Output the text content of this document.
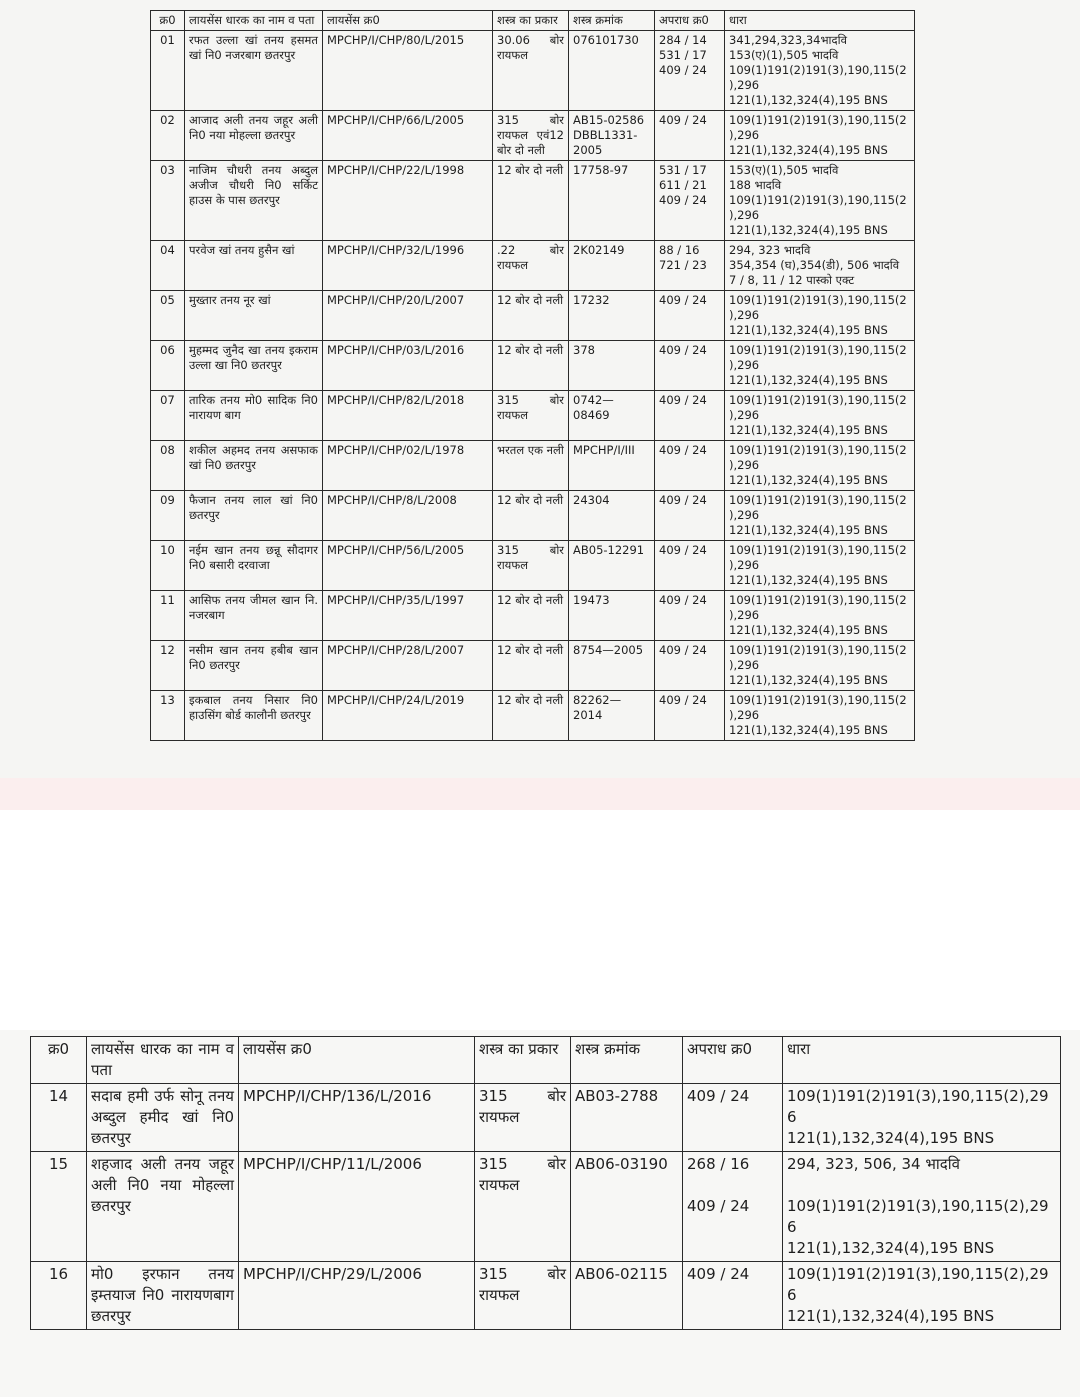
क्र0	लायसेंस धारक का नाम व पता	लायसेंस क्र0	शस्त्र का प्रकार	शस्त्र क्रमांक	अपराध क्र0	धारा
01	रफत उल्ला खां तनय हसमत खां नि0 नजरबाग छतरपुर	MPCHP/I/CHP/80/L/2015	30.06 बोर रायफल	076101730	284 / 14
531 / 17
409 / 24	341,294,323,34भादवि
153(ए)(1),505 भादवि
109(1)191(2)191(3),190,115(2),296
121(1),132,324(4),195 BNS
02	आजाद अली तनय जहूर अली नि0 नया मोहल्ला छतरपुर	MPCHP/I/CHP/66/L/2005	315 बोर रायफल एवं12 बोर दो नली	AB15-02586 DBBL1331-2005	409 / 24	109(1)191(2)191(3),190,115(2),296
121(1),132,324(4),195 BNS
03	नाजिम चौधरी तनय अब्दुल अजीज चौधरी नि0 सर्किट हाउस के पास छतरपुर	MPCHP/I/CHP/22/L/1998	12 बोर दो नली	17758-97	531 / 17
611 / 21
409 / 24	153(ए)(1),505 भादवि
188 भादवि
109(1)191(2)191(3),190,115(2),296
121(1),132,324(4),195 BNS
04	परवेज खां तनय हुसैन खां	MPCHP/I/CHP/32/L/1996	.22 बोर रायफल	2K02149	88 / 16
721 / 23	294, 323 भादवि
354,354 (घ),354(डी), 506 भादवि
7 / 8, 11 / 12 पास्को एक्ट
05	मुख्तार तनय नूर खां	MPCHP/I/CHP/20/L/2007	12 बोर दो नली	17232	409 / 24	109(1)191(2)191(3),190,115(2),296
121(1),132,324(4),195 BNS
06	मुहम्मद जुनैद खा तनय इकराम उल्ला खा नि0 छतरपुर	MPCHP/I/CHP/03/L/2016	12 बोर दो नली	378	409 / 24	109(1)191(2)191(3),190,115(2),296
121(1),132,324(4),195 BNS
07	तारिक तनय मो0 सादिक नि0 नारायण बाग	MPCHP/I/CHP/82/L/2018	315 बोर रायफल	0742—08469	409 / 24	109(1)191(2)191(3),190,115(2),296
121(1),132,324(4),195 BNS
08	शकील अहमद तनय असफाक खां नि0 छतरपुर	MPCHP/I/CHP/02/L/1978	भरतल एक नली	MPCHP/I/III	409 / 24	109(1)191(2)191(3),190,115(2),296
121(1),132,324(4),195 BNS
09	फैजान तनय लाल खां नि0 छतरपुर	MPCHP/I/CHP/8/L/2008	12 बोर दो नली	24304	409 / 24	109(1)191(2)191(3),190,115(2),296
121(1),132,324(4),195 BNS
10	नईम खान तनय छन्नू सौदागर नि0 बसारी दरवाजा	MPCHP/I/CHP/56/L/2005	315 बोर रायफल	AB05-12291	409 / 24	109(1)191(2)191(3),190,115(2),296
121(1),132,324(4),195 BNS
11	आसिफ तनय जीमल खान नि. नजरबाग	MPCHP/I/CHP/35/L/1997	12 बोर दो नली	19473	409 / 24	109(1)191(2)191(3),190,115(2),296
121(1),132,324(4),195 BNS
12	नसीम खान तनय हबीब खान नि0 छतरपुर	MPCHP/I/CHP/28/L/2007	12 बोर दो नली	8754—2005	409 / 24	109(1)191(2)191(3),190,115(2),296
121(1),132,324(4),195 BNS
13	इकबाल तनय निसार नि0 हाउसिंग बोर्ड कालौनी छतरपुर	MPCHP/I/CHP/24/L/2019	12 बोर दो नली	82262—2014	409 / 24	109(1)191(2)191(3),190,115(2),296
121(1),132,324(4),195 BNS
क्र0	लायसेंस धारक का नाम व पता	लायसेंस क्र0	शस्त्र का प्रकार	शस्त्र क्रमांक	अपराध क्र0	धारा
14	सदाब हमी उर्फ सोनू तनय अब्दुल हमीद खां नि0 छतरपुर	MPCHP/I/CHP/136/L/2016	315 बोर रायफल	AB03-2788	409 / 24	109(1)191(2)191(3),190,115(2),296
121(1),132,324(4),195 BNS
15	शहजाद अली तनय जहूर अली नि0 नया मोहल्ला छतरपुर	MPCHP/I/CHP/11/L/2006	315 बोर रायफल	AB06-03190	268 / 16

409 / 24	294, 323, 506, 34 भादवि

109(1)191(2)191(3),190,115(2),296
121(1),132,324(4),195 BNS
16	मो0 इरफान तनय इम्तयाज नि0 नारायणबाग छतरपुर	MPCHP/I/CHP/29/L/2006	315 बोर रायफल	AB06-02115	409 / 24	109(1)191(2)191(3),190,115(2),296
121(1),132,324(4),195 BNS
